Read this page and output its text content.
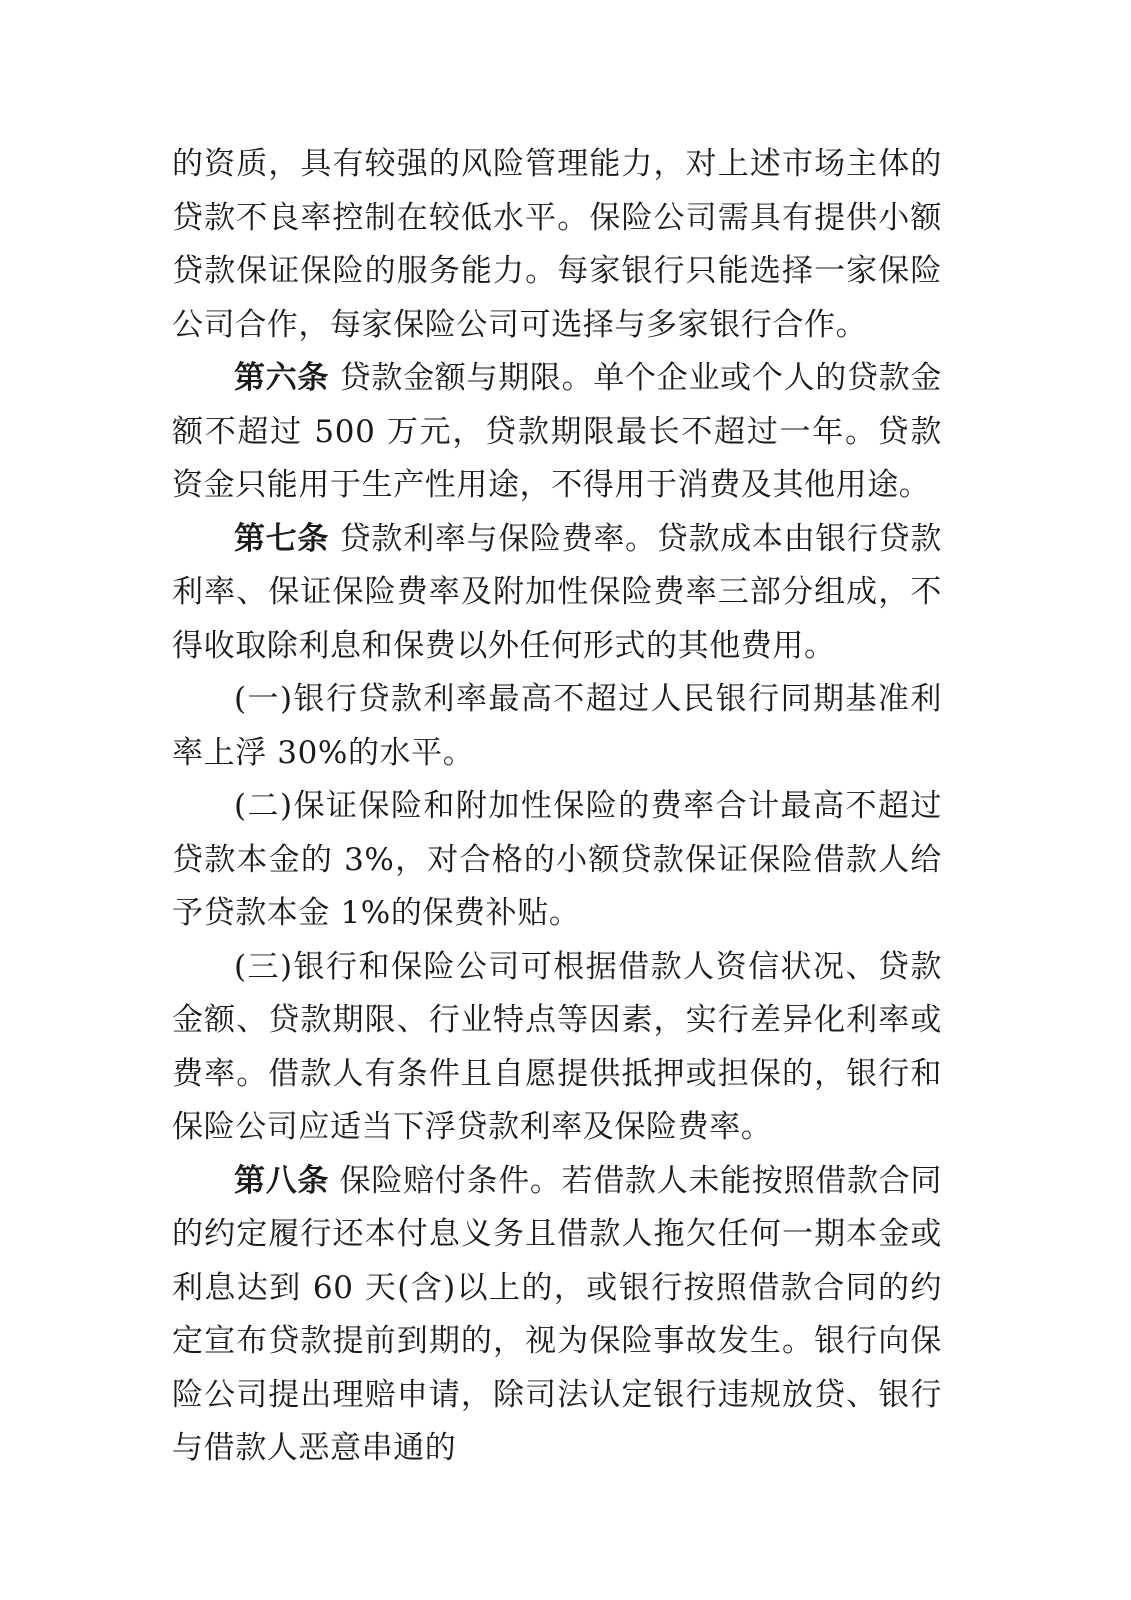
的资质，具有较强的风险管理能力，对上述市场主体的贷款不良率控制在较低水平。保险公司需具有提供小额贷款保证保险的服务能力。每家银行只能选择一家保险公司合作，每家保险公司可选择与多家银行合作。

第六条 贷款金额与期限。单个企业或个人的贷款金额不超过 500 万元，贷款期限最长不超过一年。贷款资金只能用于生产性用途，不得用于消费及其他用途。

第七条 贷款利率与保险费率。贷款成本由银行贷款利率、保证保险费率及附加性保险费率三部分组成，不得收取除利息和保费以外任何形式的其他费用。

(一)银行贷款利率最高不超过人民银行同期基准利率上浮 30%的水平。

(二)保证保险和附加性保险的费率合计最高不超过贷款本金的 3%，对合格的小额贷款保证保险借款人给予贷款本金 1%的保费补贴。

(三)银行和保险公司可根据借款人资信状况、贷款金额、贷款期限、行业特点等因素，实行差异化利率或费率。借款人有条件且自愿提供抵押或担保的，银行和保险公司应适当下浮贷款利率及保险费率。

第八条 保险赔付条件。若借款人未能按照借款合同的约定履行还本付息义务且借款人拖欠任何一期本金或利息达到 60 天(含)以上的，或银行按照借款合同的约定宣布贷款提前到期的，视为保险事故发生。银行向保险公司提出理赔申请，除司法认定银行违规放贷、银行与借款人恶意串通的
